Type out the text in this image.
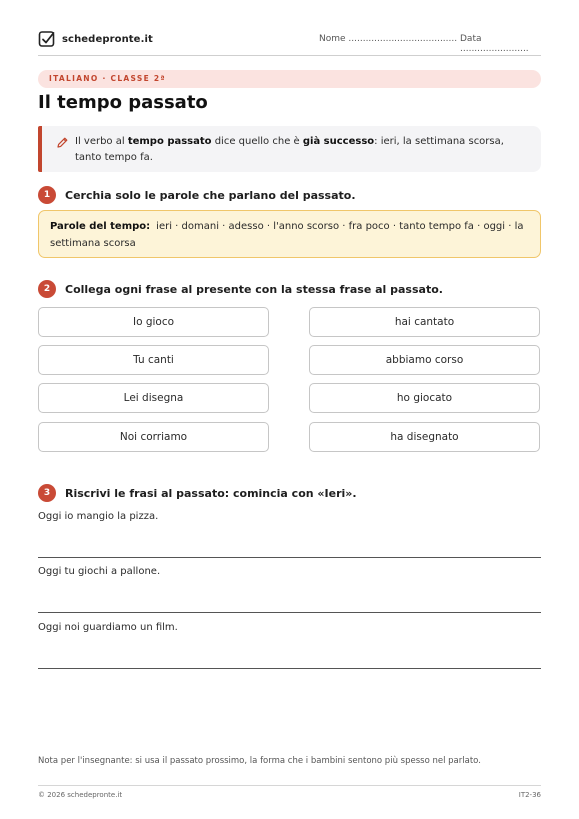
schedepronte.it	Nome ...................................... Data ........................
ITALIANO · CLASSE 2ª
Il tempo passato

Il verbo al tempo passato dice quello che è già successo: ieri, la settimana scorsa, tanto tempo fa.

1	Cerchia solo le parole che parlano del passato.

Parole del tempo: ieri · domani · adesso · l'anno scorso · fra poco · tanto tempo fa · oggi · la settimana scorsa

2	Collega ogni frase al presente con la stessa frase al passato.
Io gioco
Tu canti
Lei disegna
Noi corriamo
hai cantato
abbiamo corso
ho giocato
ha disegnato
3	Riscrivi le frasi al passato: comincia con «Ieri».
Oggi io mangio la pizza.
Oggi tu giochi a pallone.
Oggi noi guardiamo un film.

Nota per l'insegnante: si usa il passato prossimo, la forma che i bambini sentono più spesso nel parlato.

© 2026 schedepronte.it	IT2-36
